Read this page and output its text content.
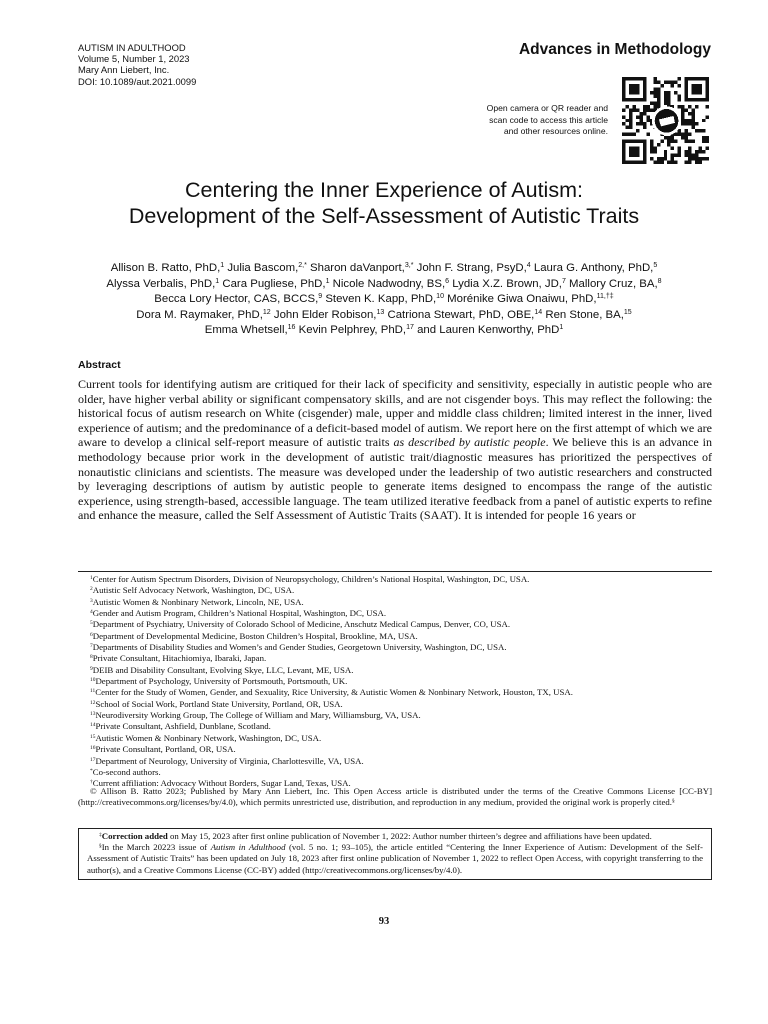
AUTISM IN ADULTHOOD
Volume 5, Number 1, 2023
Mary Ann Liebert, Inc.
DOI: 10.1089/aut.2021.0099
Advances in Methodology
Open camera or QR reader and
scan code to access this article
and other resources online.
Centering the Inner Experience of Autism:
Development of the Self-Assessment of Autistic Traits
Allison B. Ratto, PhD,$^1$ Julia Bascom,$^{2,*}$ Sharon daVanport,$^{3,*}$ John F. Strang, PsyD,$^4$ Laura G. Anthony, PhD,$^5$
Alyssa Verbalis, PhD,$^1$ Cara Pugliese, PhD,$^1$ Nicole Nadwodny, BS,$^6$ Lydia X.Z. Brown, JD,$^7$ Mallory Cruz, BA,$^8$
Becca Lory Hector, CAS, BCCS,$^9$ Steven K. Kapp, PhD,$^{10}$ Morénike Giwa Onaiwu, PhD,$^{11,\dagger\ddagger}$
Dora M. Raymaker, PhD,$^{12}$ John Elder Robison,$^{13}$ Catriona Stewart, PhD, OBE,$^{14}$ Ren Stone, BA,$^{15}$
Emma Whetsell,$^{16}$ Kevin Pelphrey, PhD,$^{17}$ and Lauren Kenworthy, PhD$^1$
Abstract

Current tools for identifying autism are critiqued for their lack of specificity and sensitivity, especially in autistic people who are older, have higher verbal ability or significant compensatory skills, and are not cisgender boys. This may reflect the following: the historical focus of autism research on White (cisgender) male, upper and middle class children; limited interest in the inner, lived experience of autism; and the predominance of a deficit-based model of autism. We report here on the first attempt of which we are aware to develop a clinical self-report measure of autistic traits as described by autistic people. We believe this is an advance in methodology because prior work in the development of autistic trait/diagnostic measures has prioritized the perspectives of nonautistic clinicians and scientists. The measure was developed under the leadership of two autistic researchers and constructed by leveraging descriptions of autism by autistic people to generate items designed to encompass the range of the autistic experience, using strength-based, accessible language. The team utilized iterative feedback from a panel of autistic experts to refine and enhance the measure, called the Self Assessment of Autistic Traits (SAAT). It is intended for people 16 years or

$^1$Center for Autism Spectrum Disorders, Division of Neuropsychology, Children’s National Hospital, Washington, DC, USA.
$^2$Autistic Self Advocacy Network, Washington, DC, USA.
$^3$Autistic Women & Nonbinary Network, Lincoln, NE, USA.
$^4$Gender and Autism Program, Children’s National Hospital, Washington, DC, USA.
$^5$Department of Psychiatry, University of Colorado School of Medicine, Anschutz Medical Campus, Denver, CO, USA.
$^6$Department of Developmental Medicine, Boston Children’s Hospital, Brookline, MA, USA.
$^7$Departments of Disability Studies and Women’s and Gender Studies, Georgetown University, Washington, DC, USA.
$^8$Private Consultant, Hitachiomiya, Ibaraki, Japan.
$^9$DEIB and Disability Consultant, Evolving Skye, LLC, Levant, ME, USA.
$^{10}$Department of Psychology, University of Portsmouth, Portsmouth, UK.
$^{11}$Center for the Study of Women, Gender, and Sexuality, Rice University, & Autistic Women & Nonbinary Network, Houston, TX, USA.
$^{12}$School of Social Work, Portland State University, Portland, OR, USA.
$^{13}$Neurodiversity Working Group, The College of William and Mary, Williamsburg, VA, USA.
$^{14}$Private Consultant, Ashfield, Dunblane, Scotland.
$^{15}$Autistic Women & Nonbinary Network, Washington, DC, USA.
$^{16}$Private Consultant, Portland, OR, USA.
$^{17}$Department of Neurology, University of Virginia, Charlottesville, VA, USA.
*Co-second authors.
†Current affiliation: Advocacy Without Borders, Sugar Land, Texas, USA.

© Allison B. Ratto 2023; Published by Mary Ann Liebert, Inc. This Open Access article is distributed under the terms of the Creative Commons License [CC-BY] (http://creativecommons.org/licenses/by/4.0), which permits unrestricted use, distribution, and reproduction in any medium, provided the original work is properly cited.§

‡Correction added on May 15, 2023 after first online publication of November 1, 2022: Author number thirteen’s degree and affiliations have been updated.

§In the March 20223 issue of Autism in Adulthood (vol. 5 no. 1; 93–105), the article entitled “Centering the Inner Experience of Autism: Development of the Self-Assessment of Autistic Traits” has been updated on July 18, 2023 after first online publication of November 1, 2022 to reflect Open Access, with copyright transferring to the author(s), and a Creative Commons License (CC-BY) added (http://creativecommons.org/licenses/by/4.0).

93
